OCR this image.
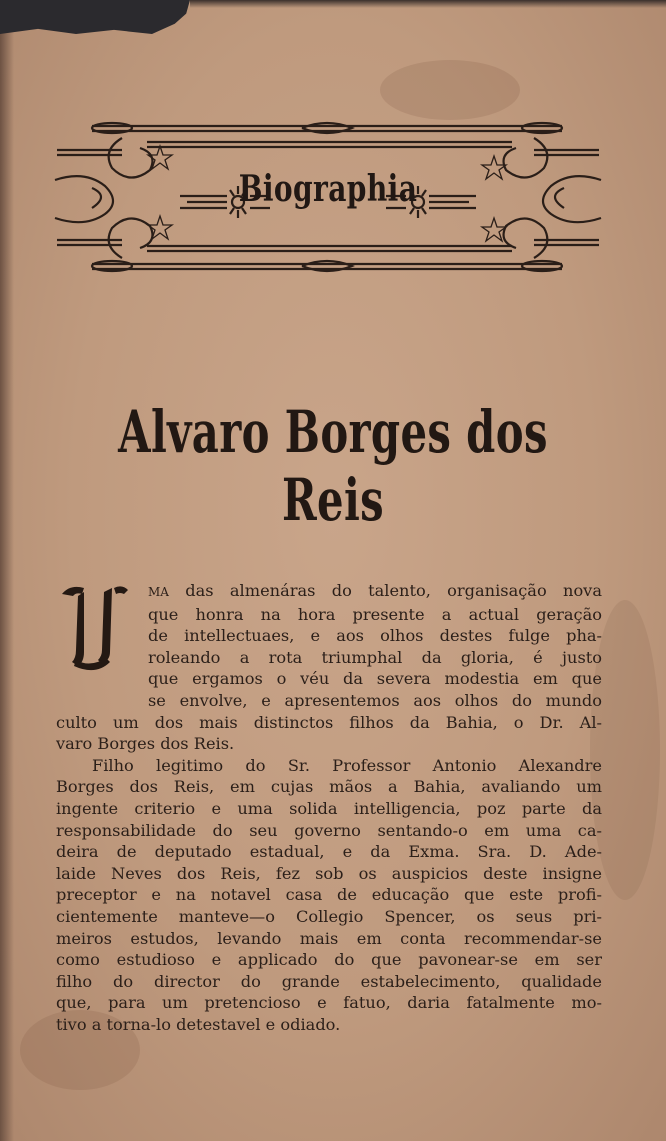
Biographia
Alvaro Borges dos Reis
U
MA das almenáras do talento, organisação nova
que honra na hora presente a actual geração
de intellectuaes, e aos olhos destes fulge pha-
roleando a rota triumphal da gloria, é justo
que ergamos o véu da severa modestia em que
se envolve, e apresentemos aos olhos do mundo
culto um dos mais distinctos filhos da Bahia, o Dr. Al-
varo Borges dos Reis.
Filho legitimo do Sr. Professor Antonio Alexandre
Borges dos Reis, em cujas mãos a Bahia, avaliando um
ingente criterio e uma solida intelligencia, poz parte da
responsabilidade do seu governo sentando-o em uma ca-
deira de deputado estadual, e da Exma. Sra. D. Ade-
laide Neves dos Reis, fez sob os auspicios deste insigne
preceptor e na notavel casa de educação que este profi-
cientemente manteve—o Collegio Spencer, os seus pri-
meiros estudos, levando mais em conta recommendar-se
como estudioso e applicado do que pavonear-se em ser
filho do director do grande estabelecimento, qualidade
que, para um pretencioso e fatuo, daria fatalmente mo-
tivo a torna-lo detestavel e odiado.
